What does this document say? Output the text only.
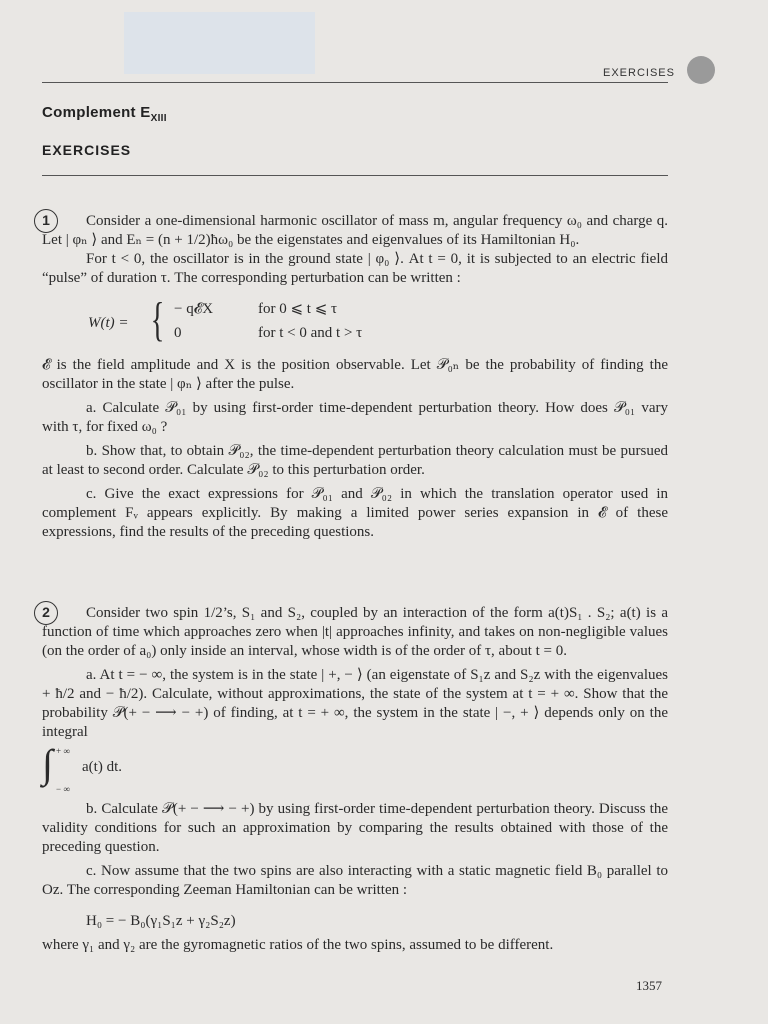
EXERCISES
Complement $E_{XIII}$
EXERCISES
1	Consider a one-dimensional harmonic oscillator of mass m, angular frequency ω₀ and charge q. Let | φₙ ⟩ and Eₙ = (n + 1/2)ħω₀ be the eigenstates and eigenvalues of its Hamiltonian H₀.

For t < 0, the oscillator is in the ground state | φ₀ ⟩. At t = 0, it is subjected to an electric field “pulse” of duration τ. The corresponding perturbation can be written :

W(t) = { − q𝓔X	for 0 ⩽ t ⩽ τ
0	for t < 0 and t > τ

𝓔 is the field amplitude and X is the position observable. Let 𝒫₀ₙ be the probability of finding the oscillator in the state | φₙ ⟩ after the pulse.

a. Calculate 𝒫₀₁ by using first-order time-dependent perturbation theory. How does 𝒫₀₁ vary with τ, for fixed ω₀ ?

b. Show that, to obtain 𝒫₀₂, the time-dependent perturbation theory calculation must be pursued at least to second order. Calculate 𝒫₀₂ to this perturbation order.

c. Give the exact expressions for 𝒫₀₁ and 𝒫₀₂ in which the translation operator used in complement Fᵥ appears explicitly. By making a limited power series expansion in 𝓔 of these expressions, find the results of the preceding questions.

2	Consider two spin 1/2’s, S₁ and S₂, coupled by an interaction of the form a(t)S₁ . S₂; a(t) is a function of time which approaches zero when |t| approaches infinity, and takes on non-negligible values (on the order of a₀) only inside an interval, whose width is of the order of τ, about t = 0.

a. At t = − ∞, the system is in the state | +, − ⟩ (an eigenstate of S₁z and S₂z with the eigenvalues + ħ/2 and − ħ/2). Calculate, without approximations, the state of the system at t = + ∞. Show that the probability 𝒫(+ − ⟶ − +) of finding, at t = + ∞, the system in the state | −, + ⟩ depends only on the integral

∫ + ∞
− ∞
a(t) dt.

b. Calculate 𝒫(+ − ⟶ − +) by using first-order time-dependent perturbation theory. Discuss the validity conditions for such an approximation by comparing the results obtained with those of the preceding question.

c. Now assume that the two spins are also interacting with a static magnetic field B₀ parallel to Oz. The corresponding Zeeman Hamiltonian can be written :

H₀ = − B₀(γ₁S₁z + γ₂S₂z)

where γ₁ and γ₂ are the gyromagnetic ratios of the two spins, assumed to be different.

1357
